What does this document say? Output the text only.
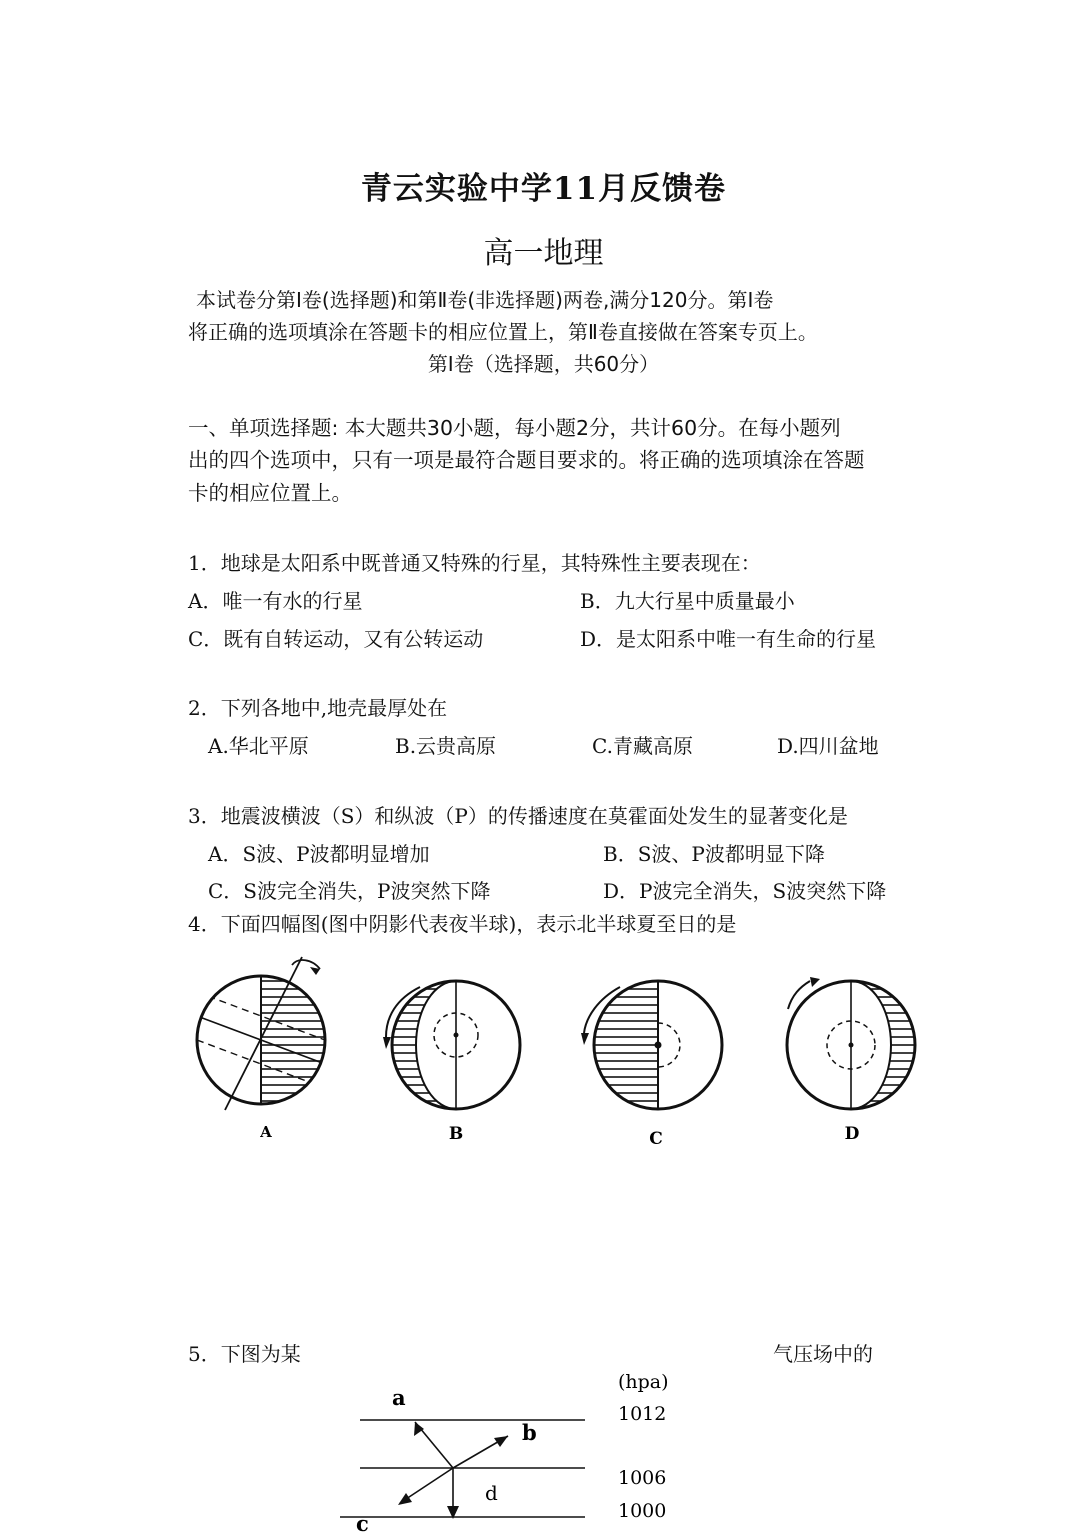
青云实验中学11月反馈卷
高一地理
本试卷分第Ⅰ卷(选择题)和第Ⅱ卷(非选择题)两卷,满分120分。第Ⅰ卷
将正确的选项填涂在答题卡的相应位置上，第Ⅱ卷直接做在答案专页上。
第Ⅰ卷（选择题，共60分）
一、单项选择题: 本大题共30小题，每小题2分，共计60分。在每小题列
出的四个选项中，只有一项是最符合题目要求的。将正确的选项填涂在答题
卡的相应位置上。
1．地球是太阳系中既普通又特殊的行星，其特殊性主要表现在：
A．唯一有水的行星	B．九大行星中质量最小
C．既有自转运动，又有公转运动	D．是太阳系中唯一有生命的行星
2．下列各地中,地壳最厚处在
A.华北平原	B.云贵高原	C.青藏高原	D.四川盆地
3．地震波横波（S）和纵波（P）的传播速度在莫霍面处发生的显著变化是
A．S波、P波都明显增加	B．S波、P波都明显下降
C．S波完全消失，P波突然下降	D．P波完全消失，S波突然下降
4．下面四幅图(图中阴影代表夜半球)，表示北半球夏至日的是
A	B	C	D
5．下图为某	气压场中的
a
b
c
d
(hpa)
1012
1006
1000
